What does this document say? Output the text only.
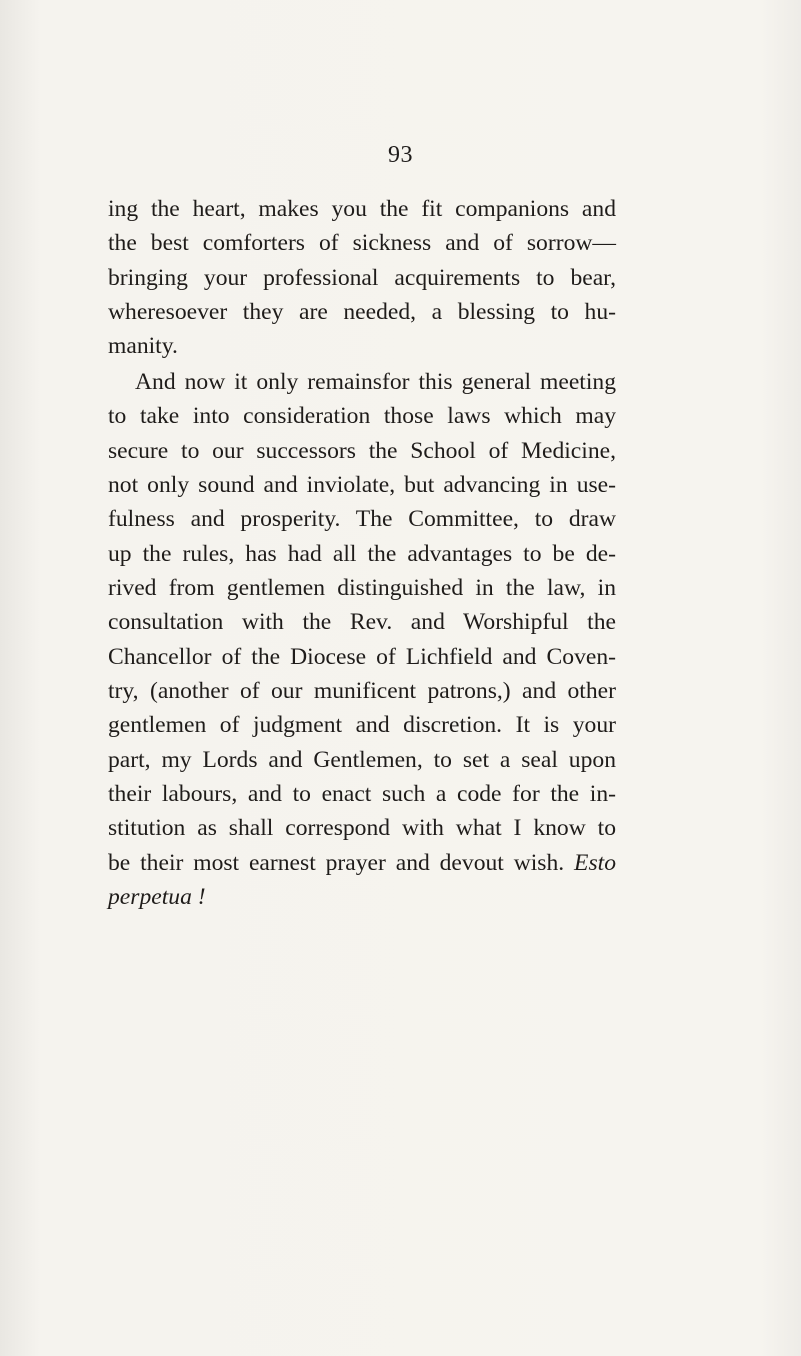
93
ing the heart, makes you the fit companions and
the best comforters of sickness and of sorrow—
bringing your professional acquirements to bear,
wheresoever they are needed, a blessing to hu-
manity.
And now it only remainsfor this general meeting
to take into consideration those laws which may
secure to our successors the School of Medicine,
not only sound and inviolate, but advancing in use-
fulness and prosperity. The Committee, to draw
up the rules, has had all the advantages to be de-
rived from gentlemen distinguished in the law, in
consultation with the Rev. and Worshipful the
Chancellor of the Diocese of Lichfield and Coven-
try, (another of our munificent patrons,) and other
gentlemen of judgment and discretion. It is your
part, my Lords and Gentlemen, to set a seal upon
their labours, and to enact such a code for the in-
stitution as shall correspond with what I know to
be their most earnest prayer and devout wish. Esto
perpetua !
